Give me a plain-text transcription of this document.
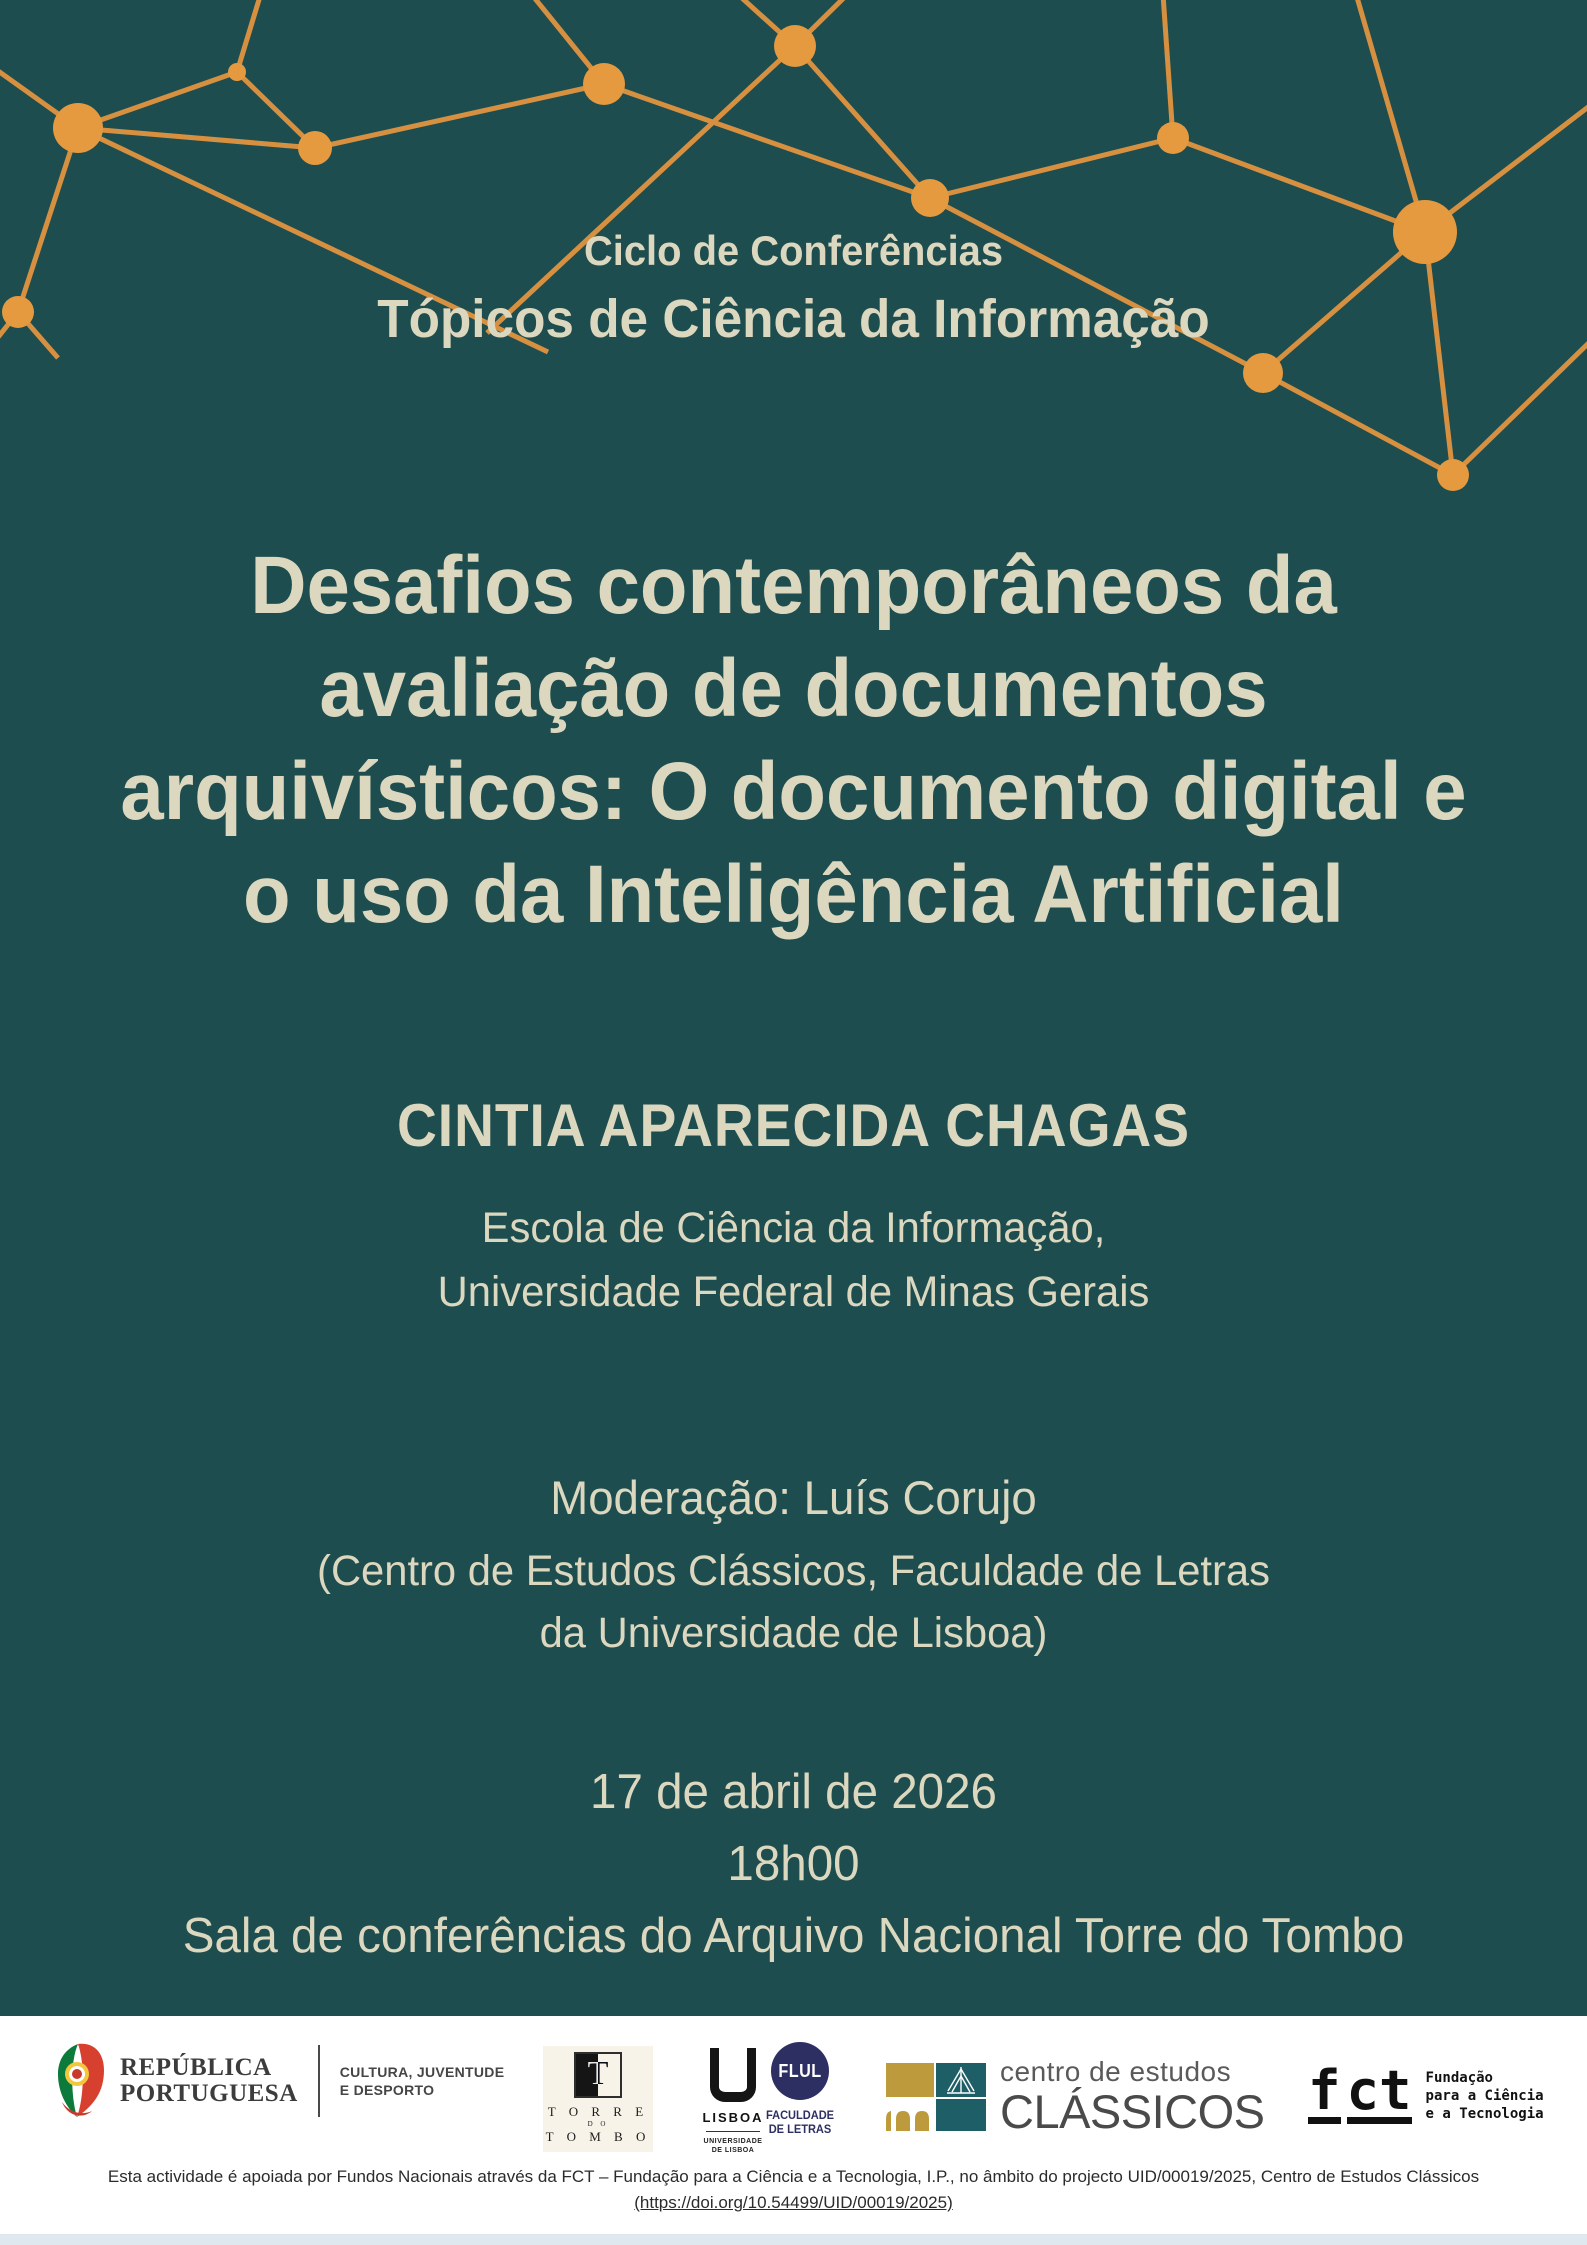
Ciclo de Conferências
Tópicos de Ciência da Informação
Desafios contemporâneos da
avaliação de documentos
arquivísticos: O documento digital e
o uso da Inteligência Artificial
CINTIA APARECIDA CHAGAS
Escola de Ciência da Informação,
Universidade Federal de Minas Gerais
Moderação: Luís Corujo
(Centro de Estudos Clássicos, Faculdade de Letras
da Universidade de Lisboa)
17 de abril de 2026
18h00
Sala de conferências do Arquivo Nacional Torre do Tombo
REPÚBLICA
PORTUGUESA
CULTURA, JUVENTUDE
E DESPORTO	T
T O R R E
D O
T O M B O
LISBOA
UNIVERSIDADE
DE LISBOA
FLUL
FACULDADE
DE LETRAS
centro de estudos
CLÁSSICOS f ct Fundação
para a Ciência
e a Tecnologia
Esta actividade é apoiada por Fundos Nacionais através da FCT – Fundação para a Ciência e a Tecnologia, I.P., no âmbito do projecto UID/00019/2025, Centro de Estudos Clássicos
(https://doi.org/10.54499/UID/00019/2025)
